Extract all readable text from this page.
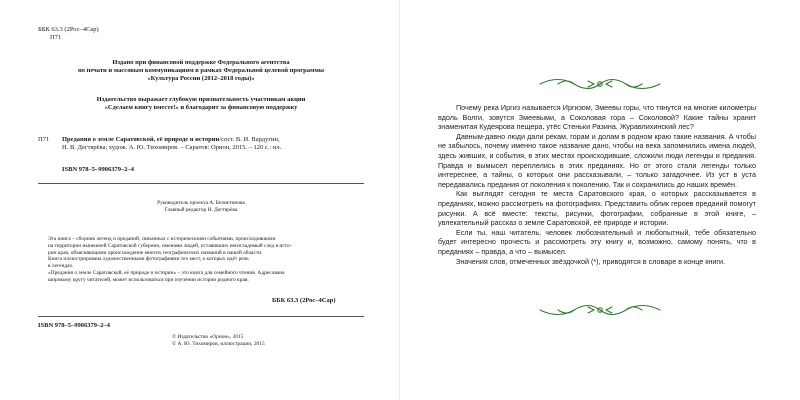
ББК 63.3 (2Рос–4Сар)
П71
Издано при финансовой поддержке Федерального агентства
по печати и массовым коммуникациям в рамках Федеральной целевой программы
«Культура России (2012–2018 годы)»
Издательство выражает глубокую признательность участникам акции
«Сделаем книгу вместе!» и благодарит за финансовую поддержку
П71 Предания о земле Саратовской, её природе и истории/сост. В. И. Вардугин,
Н. В. Дегтярёва; худож. А. Ю. Тихомиров. – Саратов: Орион, 2015. – 120 с.: ил.
ISBN 978–5–9906379–2–4
Руководитель проекта А. Безметинова
Главный редактор Н. Дегтярёва
Эта книга – сборник легенд и преданий, связанных с историческими событиями, происходившими
на территории нынешней Саратовской губернии, именами людей, оставивших неизгладимый след в исто-
рии края, объясняющими происхождение многих географических названий в нашей области.
Книга иллюстрирована художественными фотографиями тех мест, о которых идёт речь
в легендах.
«Предания о земле Саратовской, её природе и истории» – это книга для семейного чтения. Адресована
широкому кругу читателей, может использоваться при изучении истории родного края.
ББК 63.3 (2Рос–4Сар)
ISBN 978–5–9906379–2–4
© Издательство «Орион», 2015
© А. Ю. Тихомиров, иллюстрации, 2015

Почему река Иргиз называется Иргизом, Змеевы горы, что тянутся на многие километры вдоль Волги, зовутся Змеевыми, а Соколовая гора – Соколовой? Какие тайны хранит знаменитая Кудеярова пещера, утёс Стеньки Разина, Журавлихинский лес?

Давным-давно люди дали рекам, горам и долам в родном краю такие названия. А чтобы не забылось, почему именно такое название дано, чтобы на века запомнились имена людей, здесь живших, и события, в этих местах происходившие, сложили люди легенды и предания. Правда и вымысел переплелись в этих преданиях. Но от этого стали легенды только интереснее, а тайны, о которых они рассказывали, – только загадочнее. Из уст в уста передавались предания от поколения к поколению. Так и сохранились до наших времён.

Как выглядят сегодня те места Саратовского края, о которых рассказывается в преданиях, можно рассмотреть на фотографиях. Представить облик героев преданий помогут рисунки. А всё вместе: тексты, рисунки, фотографии, собранные в этой книге, – увлекательный рассказ о земле Саратовской, её природе и истории.

Если ты, наш читатель, человек любознательный и любопытный, тебе обязательно будет интересно прочесть и рассмотреть эту книгу и, возможно, самому понять, что в преданиях – правда, а что – вымысел.

Значения слов, отмеченных звёздочкой (*), приводятся в словаре в конце книги.
